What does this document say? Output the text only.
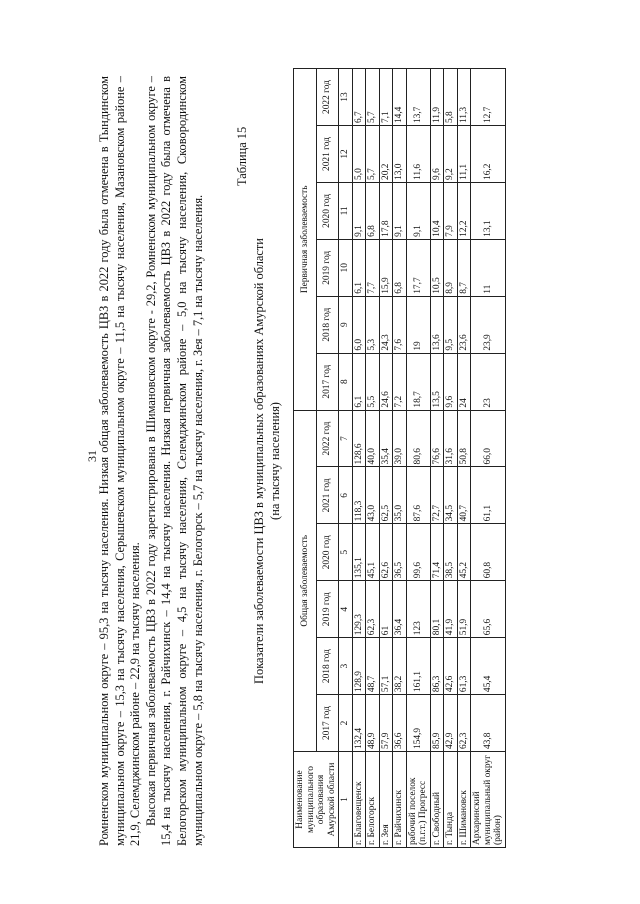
31

Ромненском муниципальном округе – 95,3 на тысячу населения. Низкая общая заболеваемость ЦВЗ в 2022 году была отмечена в Тындинском муниципальном округе – 15,3 на тысячу населения, Серышевском муниципальном округе – 11,5 на тысячу населения, Мазановском районе – 21,9, Селемджинском районе – 22,9 на тысячу населения. Высокая первичная заболеваемость ЦВЗ в 2022 году зарегистрирована в Шимановском округе - 29,2, Ромненском муниципальном округе – 15,4 на тысячу населения, г. Райчихинск – 14,4 на тысячу населения. Низкая первичная заболеваемость ЦВЗ в 2022 году была отмечена в Белогорском муниципальном округе – 4,5 на тысячу населения, Селемджинском районе – 5,0 на тысячу населения, Сковородинском муниципальном округе – 5,8 на тысячу населения, г. Белогорск – 5,7 на тысячу населения, г. Зея – 7,1 на тысячу населения.

Таблица 15
Показатели заболеваемости ЦВЗ в муниципальных образованиях Амурской области (на тысячу населения)
Наименование муниципального образования Амурской области	Общая заболеваемость						Первичная заболеваемость					
	2017 год	2018 год	2019 год	2020 год	2021 год	2022 год	2017 год	2018 год	2019 год	2020 год	2021 год	2022 год
1	2	3	4	5	6	7	8	9	10	11	12	13
г. Благовещенск	132,4	128,9	129,3	135,1	118,3	128,6	6,1	6,0	6,1	9,1	5,0	6,7
г. Белогорск	48,9	48,7	62,3	45,1	43,0	40,0	5,5	5,3	7,7	6,8	5,7	5,7
г. Зея	57,9	57,1	61	62,6	62,5	35,4	24,6	24,3	15,9	17,8	20,2	7,1
г. Райчихинск	36,6	38,2	36,4	36,5	35,0	39,0	7,2	7,6	6,8	9,1	13,0	14,4
рабочий поселок (п.г.т.) Прогресс	154,9	161,1	123	99,6	87,6	80,6	18,7	19	17,7	9,1	11,6	13,7
г. Свободный	85,9	86,3	80,1	71,4	72,7	76,6	13,5	13,6	10,5	10,4	9,6	11,9
г. Тында	42,9	42,6	41,9	38,5	34,5	31,6	9,6	9,5	8,9	7,9	9,2	5,8
г. Шимановск	62,3	61,3	51,9	45,2	40,7	50,8	24	23,6	8,7	12,2	11,1	11,3
Архаринский муниципальный округ (район)	43,8	45,4	65,6	60,8	61,1	66,0	23	23,9	11	13,1	16,2	12,7
